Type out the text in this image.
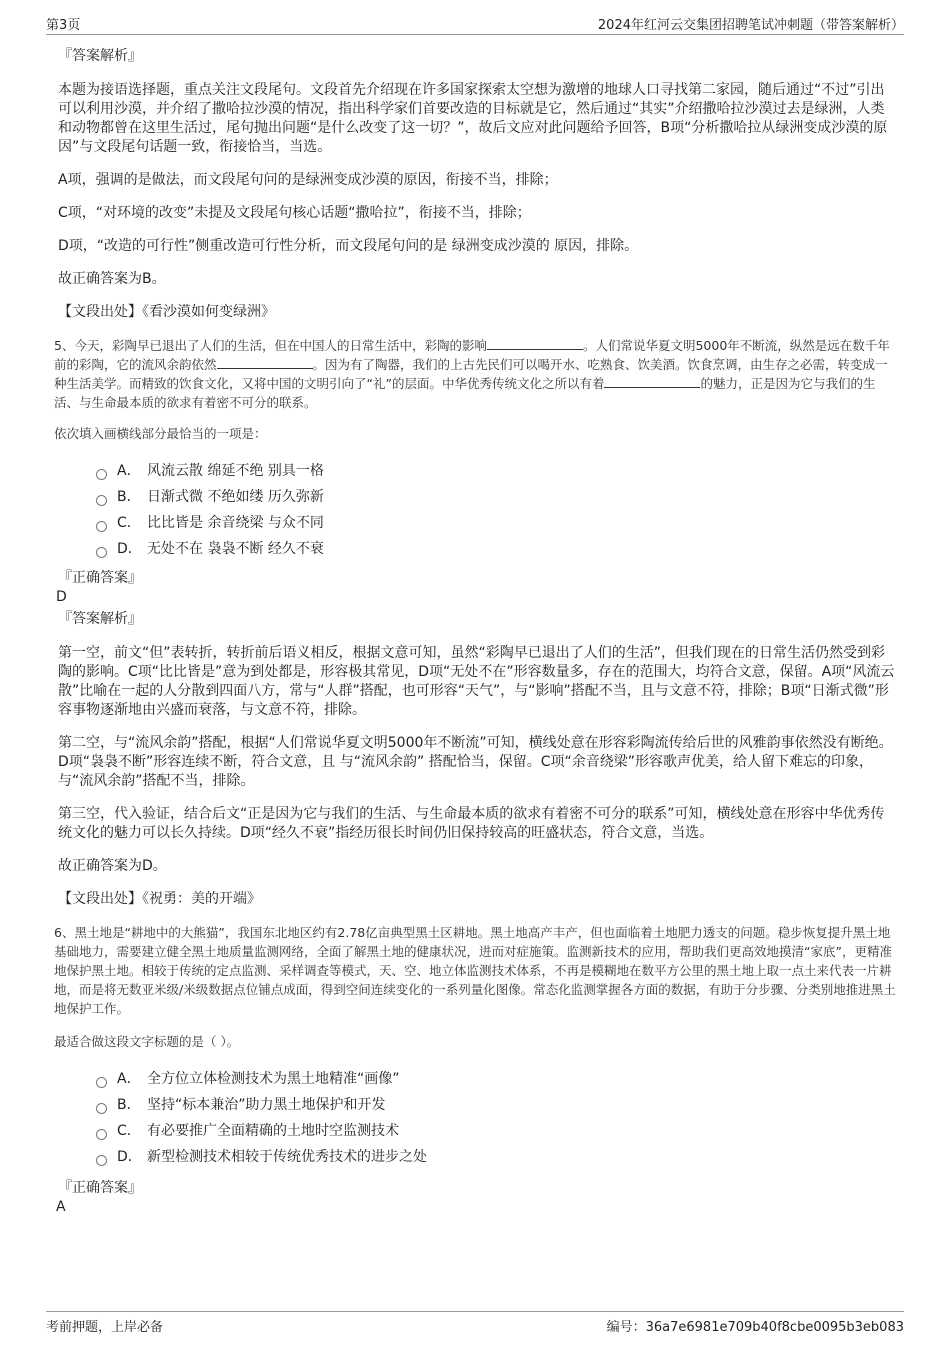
第3页	2024年红河云交集团招聘笔试冲刺题（带答案解析）
『答案解析』
本题为接语选择题，重点关注文段尾句。文段首先介绍现在许多国家探索太空想为激增的地球人口寻找第二家园，随后通过“不过”引出可以利用沙漠，并介绍了撒哈拉沙漠的情况，指出科学家们首要改造的目标就是它，然后通过“其实”介绍撒哈拉沙漠过去是绿洲，人类和动物都曾在这里生活过，尾句抛出问题“是什么改变了这一切？”，故后文应对此问题给予回答，B项“分析撒哈拉从绿洲变成沙漠的原因”与文段尾句话题一致，衔接恰当，当选。
A项，强调的是做法，而文段尾句问的是绿洲变成沙漠的原因，衔接不当，排除；
C项，“对环境的改变”未提及文段尾句核心话题“撒哈拉”，衔接不当，排除；
D项，“改造的可行性”侧重改造可行性分析，而文段尾句问的是 绿洲变成沙漠的 原因，排除。
故正确答案为B。
【文段出处】《看沙漠如何变绿洲》
5、今天，彩陶早已退出了人们的生活，但在中国人的日常生活中，彩陶的影响	。人们常说华夏文明5000年不断流，纵然是远在数千年前的彩陶，它的流风余韵依然	。因为有了陶器，我们的上古先民们可以喝开水、吃熟食、饮美酒。饮食烹调，由生存之必需，转变成一种生活美学。而精致的饮食文化，又将中国的文明引向了“礼”的层面。中华优秀传统文化之所以有着	的魅力，正是因为它与我们的生活、与生命最本质的欲求有着密不可分的联系。
依次填入画横线部分最恰当的一项是：
A． 风流云散 绵延不绝 别具一格
B． 日渐式微 不绝如缕 历久弥新
C． 比比皆是 余音绕梁 与众不同
D． 无处不在 袅袅不断 经久不衰
『正确答案』
D
『答案解析』
第一空，前文“但”表转折，转折前后语义相反，根据文意可知，虽然“彩陶早已退出了人们的生活”，但我们现在的日常生活仍然受到彩陶的影响。C项“比比皆是”意为到处都是，形容极其常见，D项“无处不在”形容数量多，存在的范围大，均符合文意，保留。A项“风流云散”比喻在一起的人分散到四面八方，常与“人群”搭配，也可形容“天气”，与“影响”搭配不当，且与文意不符，排除；B项“日渐式微”形容事物逐渐地由兴盛而衰落，与文意不符，排除。
第二空，与“流风余韵”搭配，根据“人们常说华夏文明5000年不断流”可知，横线处意在形容彩陶流传给后世的风雅韵事依然没有断绝。D项“袅袅不断”形容连续不断，符合文意，且 与“流风余韵” 搭配恰当，保留。C项“余音绕梁”形容歌声优美，给人留下难忘的印象，与“流风余韵”搭配不当，排除。
第三空，代入验证，结合后文“正是因为它与我们的生活、与生命最本质的欲求有着密不可分的联系”可知，横线处意在形容中华优秀传统文化的魅力可以长久持续。D项“经久不衰”指经历很长时间仍旧保持较高的旺盛状态，符合文意，当选。
故正确答案为D。
【文段出处】《祝勇：美的开端》
6、黑土地是“耕地中的大熊猫”，我国东北地区约有2.78亿亩典型黑土区耕地。黑土地高产丰产，但也面临着土地肥力透支的问题。稳步恢复提升黑土地基础地力，需要建立健全黑土地质量监测网络，全面了解黑土地的健康状况，进而对症施策。监测新技术的应用，帮助我们更高效地摸清“家底”，更精准地保护黑土地。相较于传统的定点监测、采样调查等模式，天、空、地立体监测技术体系，不再是模糊地在数平方公里的黑土地上取一点土来代表一片耕地，而是将无数亚米级/米级数据点位铺点成面，得到空间连续变化的一系列量化图像。常态化监测掌握各方面的数据，有助于分步骤、分类别地推进黑土地保护工作。
最适合做这段文字标题的是（ ）。
A． 全方位立体检测技术为黑土地精准“画像”
B． 坚持“标本兼治”助力黑土地保护和开发
C． 有必要推广全面精确的土地时空监测技术
D． 新型检测技术相较于传统优秀技术的进步之处
『正确答案』
A
考前押题，上岸必备	编号：36a7e6981e709b40f8cbe0095b3eb083
